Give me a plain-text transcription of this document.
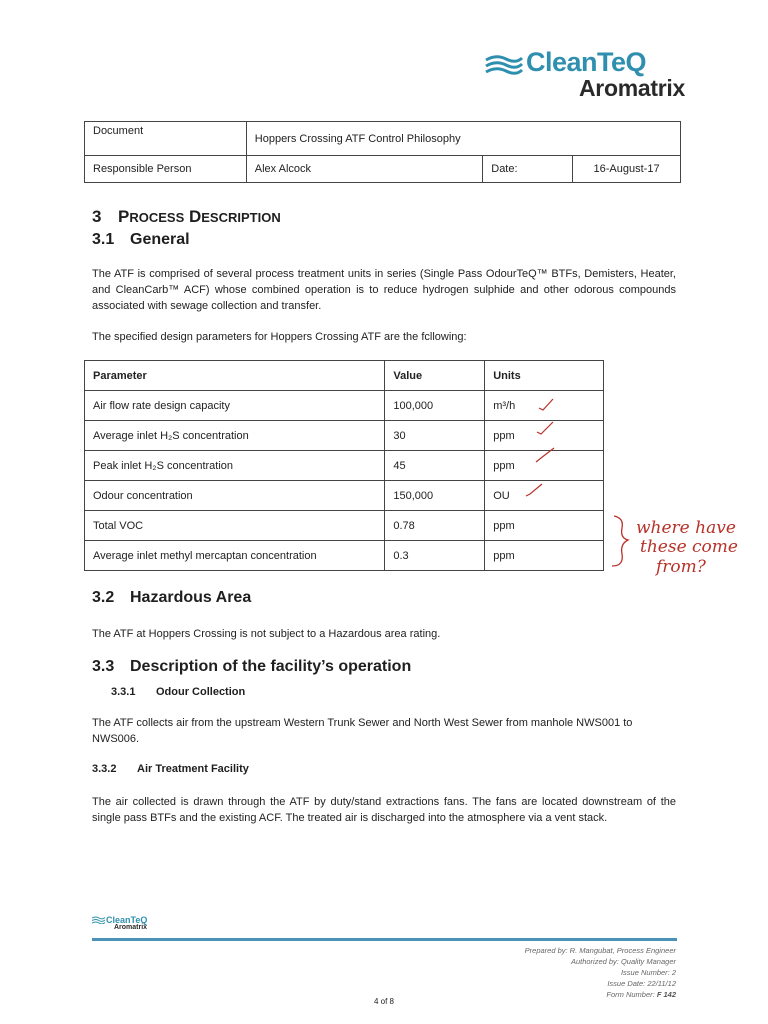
CleanTeQ
Aromatrix
Document	Hoppers Crossing ATF Control Philosophy		
Responsible Person	Alex Alcock	Date:	16-August-17
3 PROCESS DESCRIPTION
3.1 General
The ATF is comprised of several process treatment units in series (Single Pass OdourTeQ™ BTFs, Demisters, Heater, and CleanCarb™ ACF) whose combined operation is to reduce hydrogen sulphide and other odorous compounds associated with sewage collection and transfer.
The specified design parameters for Hoppers Crossing ATF are the fcllowing:
Parameter	Value	Units
Air flow rate design capacity	100,000	m³/h
Average inlet H₂S concentration	30	ppm
Peak inlet H₂S concentration	45	ppm
Odour concentration	150,000	OU
Total VOC	0.78	ppm
Average inlet methyl mercaptan concentration	0.3	ppm
where have
these come
from?
3.2 Hazardous Area
The ATF at Hoppers Crossing is not subject to a Hazardous area rating.
3.3 Description of the facility’s operation
3.3.1 Odour Collection
The ATF collects air from the upstream Western Trunk Sewer and North West Sewer from manhole NWS001 to NWS006.
3.3.2 Air Treatment Facility
The air collected is drawn through the ATF by duty/stand extractions fans. The fans are located downstream of the single pass BTFs and the existing ACF. The treated air is discharged into the atmosphere via a vent stack.
CleanTeQ
Aromatrix
Prepared by: R. Mangubat, Process Engineer
Authorized by: Quality Manager
Issue Number: 2
Issue Date: 22/11/12
Form Number: F 142
4 of 8
